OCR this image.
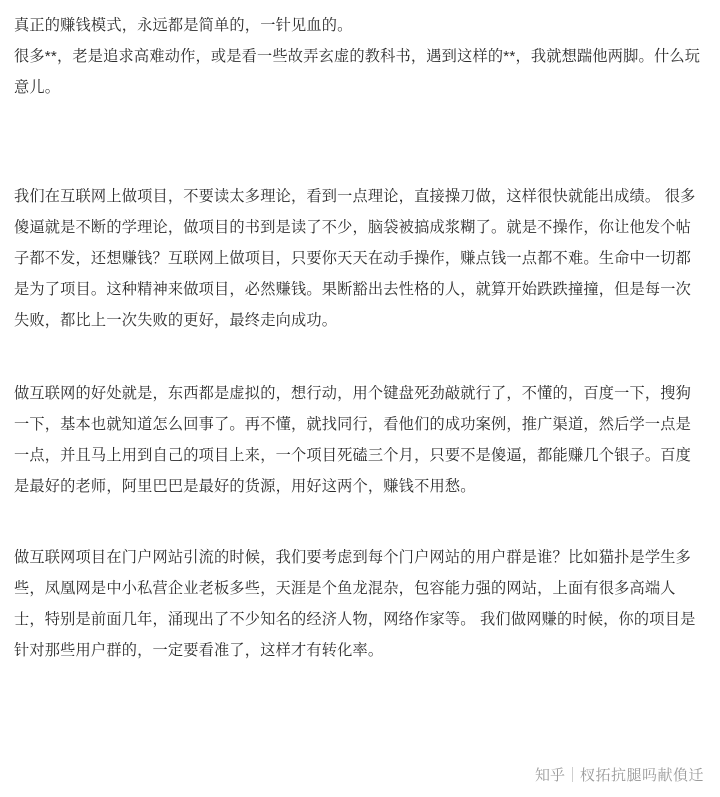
真正的赚钱模式，永远都是简单的，一针见血的。

很多**，老是追求高难动作，或是看一些故弄玄虚的教科书，遇到这样的**，我就想踹他两脚。什么玩意儿。

我们在互联网上做项目，不要读太多理论，看到一点理论，直接操刀做，这样很快就能出成绩。 很多傻逼就是不断的学理论，做项目的书到是读了不少，脑袋被搞成浆糊了。就是不操作，你让他发个帖子都不发，还想赚钱？互联网上做项目，只要你天天在动手操作，赚点钱一点都不难。生命中一切都是为了项目。这种精神来做项目，必然赚钱。果断豁出去性格的人，就算开始跌跌撞撞，但是每一次失败，都比上一次失败的更好，最终走向成功。

做互联网的好处就是，东西都是虚拟的，想行动，用个键盘死劲敲就行了，不懂的，百度一下，搜狗一下，基本也就知道怎么回事了。再不懂，就找同行，看他们的成功案例，推广渠道，然后学一点是一点，并且马上用到自己的项目上来，一个项目死磕三个月，只要不是傻逼，都能赚几个银子。百度是最好的老师，阿里巴巴是最好的货源，用好这两个，赚钱不用愁。

做互联网项目在门户网站引流的时候，我们要考虑到每个门户网站的用户群是谁？比如猫扑是学生多些，凤凰网是中小私营企业老板多些，天涯是个鱼龙混杂，包容能力强的网站，上面有很多高端人士，特别是前面几年，涌现出了不少知名的经济人物，网络作家等。 我们做网赚的时候，你的项目是针对那些用户群的，一定要看准了，这样才有转化率。

知乎 杈拓抗腿吗献偩迁
